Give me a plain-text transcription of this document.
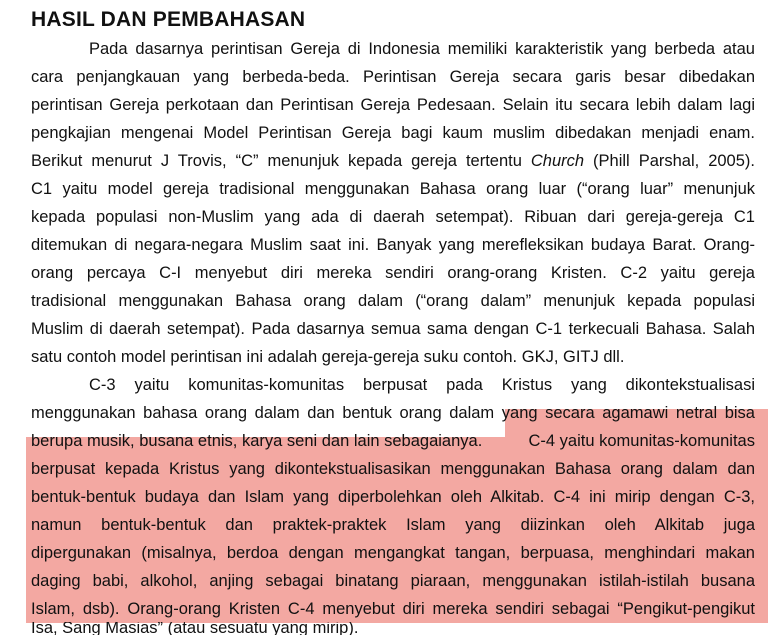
HASIL DAN PEMBAHASAN
Pada dasarnya perintisan Gereja di Indonesia memiliki karakteristik yang berbeda atau
cara penjangkauan yang berbeda-beda. Perintisan Gereja secara garis besar dibedakan
perintisan Gereja perkotaan dan Perintisan Gereja Pedesaan. Selain itu secara lebih dalam lagi
pengkajian mengenai Model Perintisan Gereja bagi kaum muslim dibedakan menjadi enam.
Berikut menurut J Trovis, “C” menunjuk kepada gereja tertentu Church (Phill Parshal, 2005).
C1 yaitu model gereja tradisional menggunakan Bahasa orang luar (“orang luar” menunjuk
kepada populasi non-Muslim yang ada di daerah setempat). Ribuan dari gereja-gereja C1
ditemukan di negara-negara Muslim saat ini. Banyak yang merefleksikan budaya Barat. Orang-
orang percaya C-I menyebut diri mereka sendiri orang-orang Kristen. C-2 yaitu gereja
tradisional menggunakan Bahasa orang dalam (“orang dalam” menunjuk kepada populasi
Muslim di daerah setempat). Pada dasarnya semua sama dengan C-1 terkecuali Bahasa. Salah
satu contoh model perintisan ini adalah gereja-gereja suku contoh. GKJ, GITJ dll.
C-3 yaitu komunitas-komunitas berpusat pada Kristus yang dikontekstualisasi
menggunakan bahasa orang dalam dan bentuk orang dalam yang secara agamawi netral bisa
berupa musik, busana etnis, karya seni dan lain sebagaianya.	C-4 yaitu komunitas-komunitas
berpusat kepada Kristus yang dikontekstualisasikan menggunakan Bahasa orang dalam dan
bentuk-bentuk budaya dan Islam yang diperbolehkan oleh Alkitab. C-4 ini mirip dengan C-3,
namun bentuk-bentuk dan praktek-praktek Islam yang diizinkan oleh Alkitab juga
dipergunakan (misalnya, berdoa dengan mengangkat tangan, berpuasa, menghindari makan
daging babi, alkohol, anjing sebagai binatang piaraan, menggunakan istilah-istilah busana
Islam, dsb). Orang-orang Kristen C-4 menyebut diri mereka sendiri sebagai “Pengikut-pengikut
Isa, Sang Masias” (atau sesuatu yang mirip).
